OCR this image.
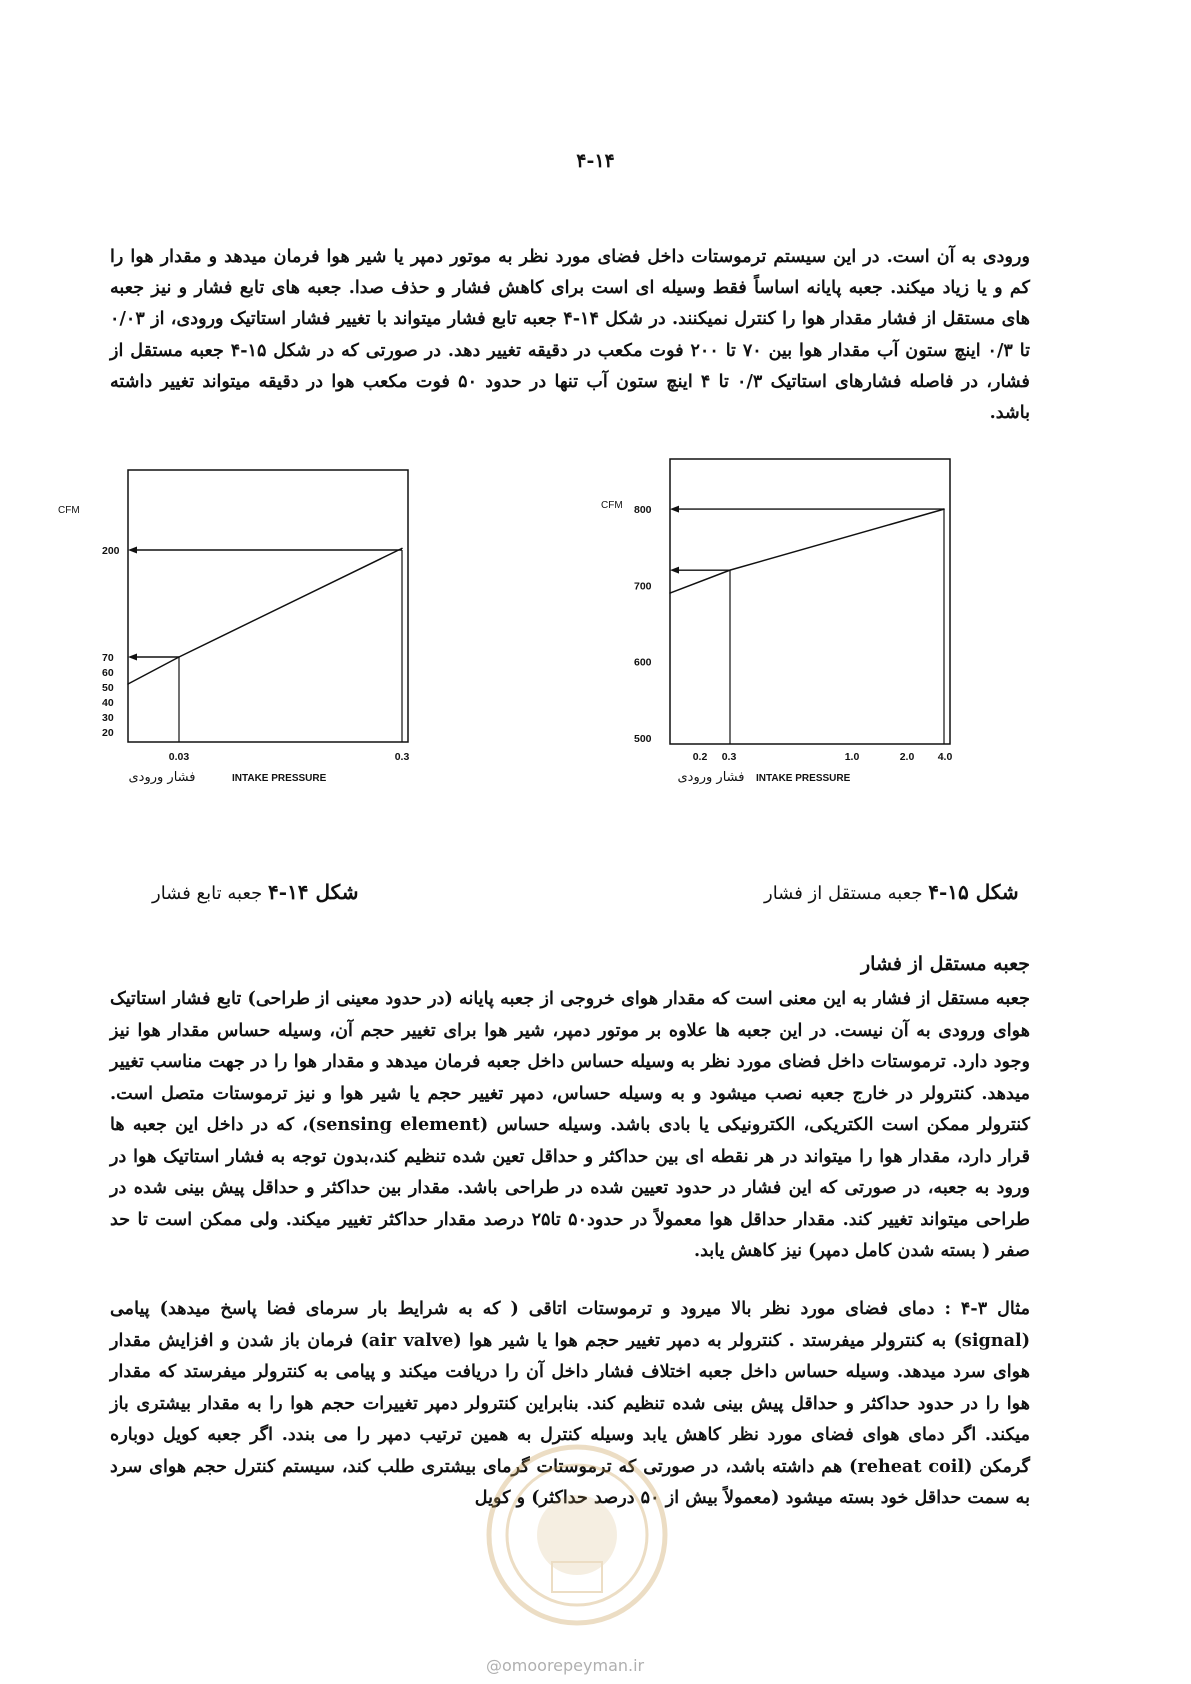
۴-۱۴
ورودی به آن است. در این سیستم ترموستات داخل فضای مورد نظر به موتور دمپر یا شیر هوا فرمان میدهد و مقدار هوا را کم و یا زیاد میکند. جعبه پایانه اساساً فقط وسیله ای است برای کاهش فشار و حذف صدا. جعبه های تابع فشار و نیز جعبه های مستقل از فشار مقدار هوا را کنترل نمیکنند. در شکل ۱۴-۴ جعبه تابع فشار میتواند با تغییر فشار استاتیک ورودی، از ۰/۰۳ تا ۰/۳ اینچ ستون آب مقدار هوا بین ۷۰ تا ۲۰۰ فوت مکعب در دقیقه تغییر دهد. در صورتی که در شکل ۱۵-۴ جعبه مستقل از فشار، در فاصله فشارهای استاتیک ۰/۳ تا ۴ اینچ ستون آب تنها در حدود ۵۰ فوت مکعب هوا در دقیقه میتواند تغییر داشته باشد.
CFM
20
30
40
50
60
70
200
0.03	0.3
INTAKE PRESSURE
فشار ورودی
CFM
500
600
700
800
0.2 0.3	1.0	2.0 4.0
INTAKE PRESSURE
فشار ورودی
شکل ۱۴-۴ جعبه تابع فشار	شکل ۱۵-۴ جعبه مستقل از فشار
جعبه مستقل از فشار
جعبه مستقل از فشار به این معنی است که مقدار هوای خروجی از جعبه پایانه (در حدود معینی از طراحی) تابع فشار استاتیک هوای ورودی به آن نیست. در این جعبه ها علاوه بر موتور دمپر، شیر هوا برای تغییر حجم آن، وسیله حساس مقدار هوا نیز وجود دارد. ترموستات داخل فضای مورد نظر به وسیله حساس داخل جعبه فرمان میدهد و مقدار هوا را در جهت مناسب تغییر میدهد. کنترولر در خارج جعبه نصب میشود و به وسیله حساس، دمپر تغییر حجم یا شیر هوا و نیز ترموستات متصل است. کنترولر ممکن است الکتریکی، الکترونیکی یا بادی باشد. وسیله حساس (sensing element)، که در داخل این جعبه ها قرار دارد، مقدار هوا را میتواند در هر نقطه ای بین حداکثر و حداقل تعین شده تنظیم کند،بدون توجه به فشار استاتیک هوا در ورود به جعبه، در صورتی که این فشار در حدود تعیین شده در طراحی باشد. مقدار بین حداکثر و حداقل پیش بینی شده در طراحی میتواند تغییر کند. مقدار حداقل هوا معمولاً در حدود۵۰ تا۲۵ درصد مقدار حداکثر تغییر میکند. ولی ممکن است تا حد صفر ( بسته شدن کامل دمپر) نیز کاهش یابد.
مثال ۳-۴ : دمای فضای مورد نظر بالا میرود و ترموستات اتاقی ( که به شرایط بار سرمای فضا پاسخ میدهد) پیامی (signal) به کنترولر میفرستد . کنترولر به دمپر تغییر حجم هوا یا شیر هوا (air valve) فرمان باز شدن و افزایش مقدار هوای سرد میدهد. وسیله حساس داخل جعبه اختلاف فشار داخل آن را دریافت میکند و پیامی به کنترولر میفرستد که مقدار هوا را در حدود حداکثر و حداقل پیش بینی شده تنظیم کند. بنابراین کنترولر دمپر تغییرات حجم هوا را به مقدار بیشتری باز میکند. اگر دمای هوای فضای مورد نظر کاهش یابد وسیله کنترل به همین ترتیب دمپر را می بندد. اگر جعبه کویل دوباره گرمکن (reheat coil) هم داشته باشد، در صورتی که ترموستات گرمای بیشتری طلب کند، سیستم کنترل حجم هوای سرد به سمت حداقل خود بسته میشود (معمولاً بیش از ۵۰ درصد حداکثر) و کویل
@omoorepeyman.ir
